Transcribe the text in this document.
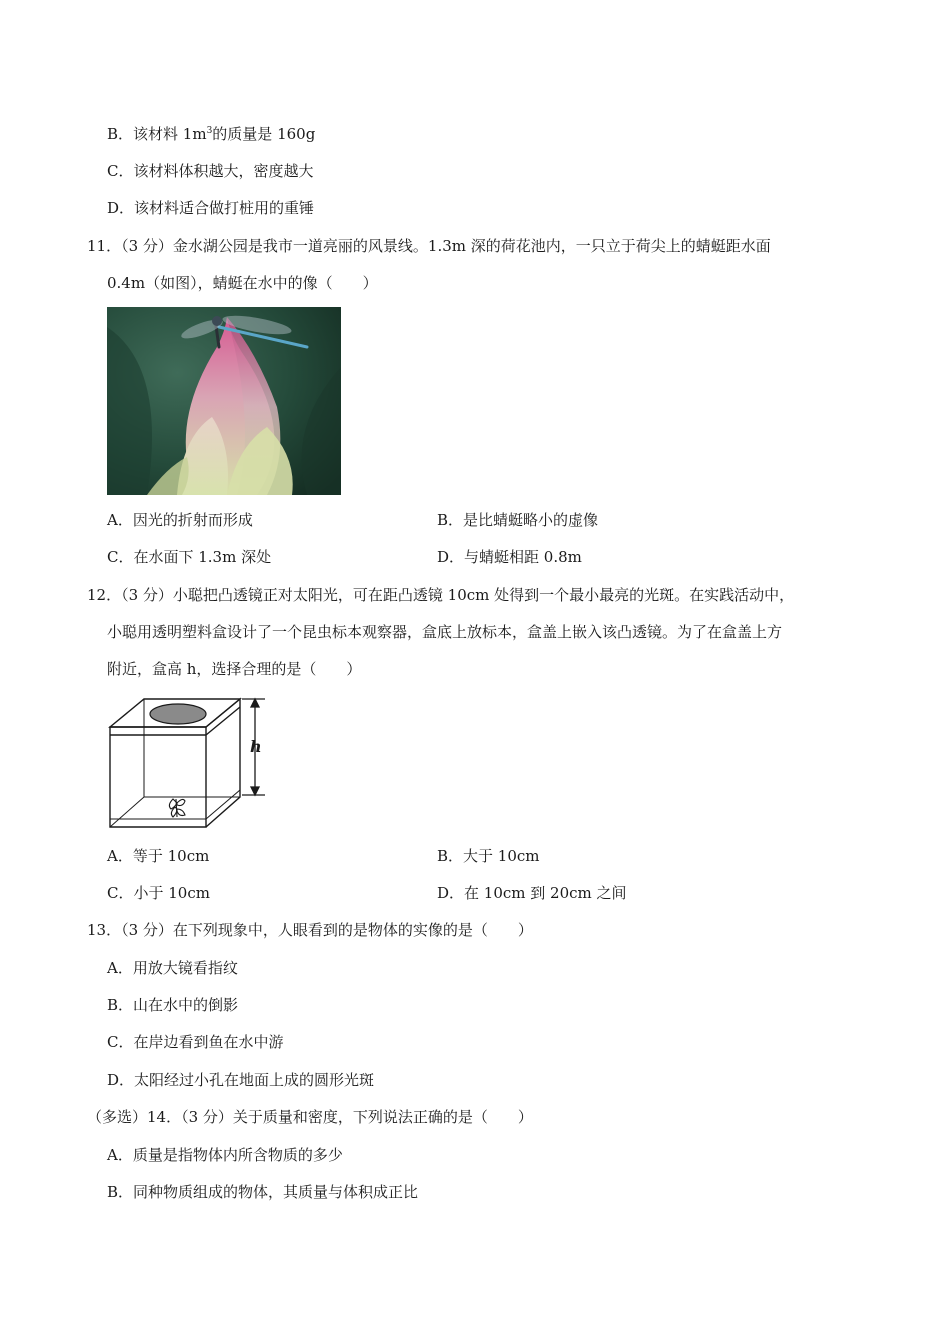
B．该材料 $1m^3$的质量是 160g
C．该材料体积越大，密度越大
D．该材料适合做打桩用的重锤
11．（3 分）金水湖公园是我市一道亮丽的风景线。1.3m 深的荷花池内，一只立于荷尖上的蜻蜓距水面
0.4m（如图），蜻蜓在水中的像（　　）
A．因光的折射而形成	B．是比蜻蜓略小的虚像
C．在水面下 1.3m 深处	D．与蜻蜓相距 0.8m
12．（3 分）小聪把凸透镜正对太阳光，可在距凸透镜 10cm 处得到一个最小最亮的光斑。在实践活动中，
小聪用透明塑料盒设计了一个昆虫标本观察器，盒底上放标本，盒盖上嵌入该凸透镜。为了在盒盖上方
附近，盒高 h，选择合理的是（　　）
h
A．等于 10cm	B．大于 10cm
C．小于 10cm	D．在 10cm 到 20cm 之间
13．（3 分）在下列现象中，人眼看到的是物体的实像的是（　　）
A．用放大镜看指纹
B．山在水中的倒影
C．在岸边看到鱼在水中游
D．太阳经过小孔在地面上成的圆形光斑
（多选）14．（3 分）关于质量和密度，下列说法正确的是（　　）
A．质量是指物体内所含物质的多少
B．同种物质组成的物体，其质量与体积成正比
